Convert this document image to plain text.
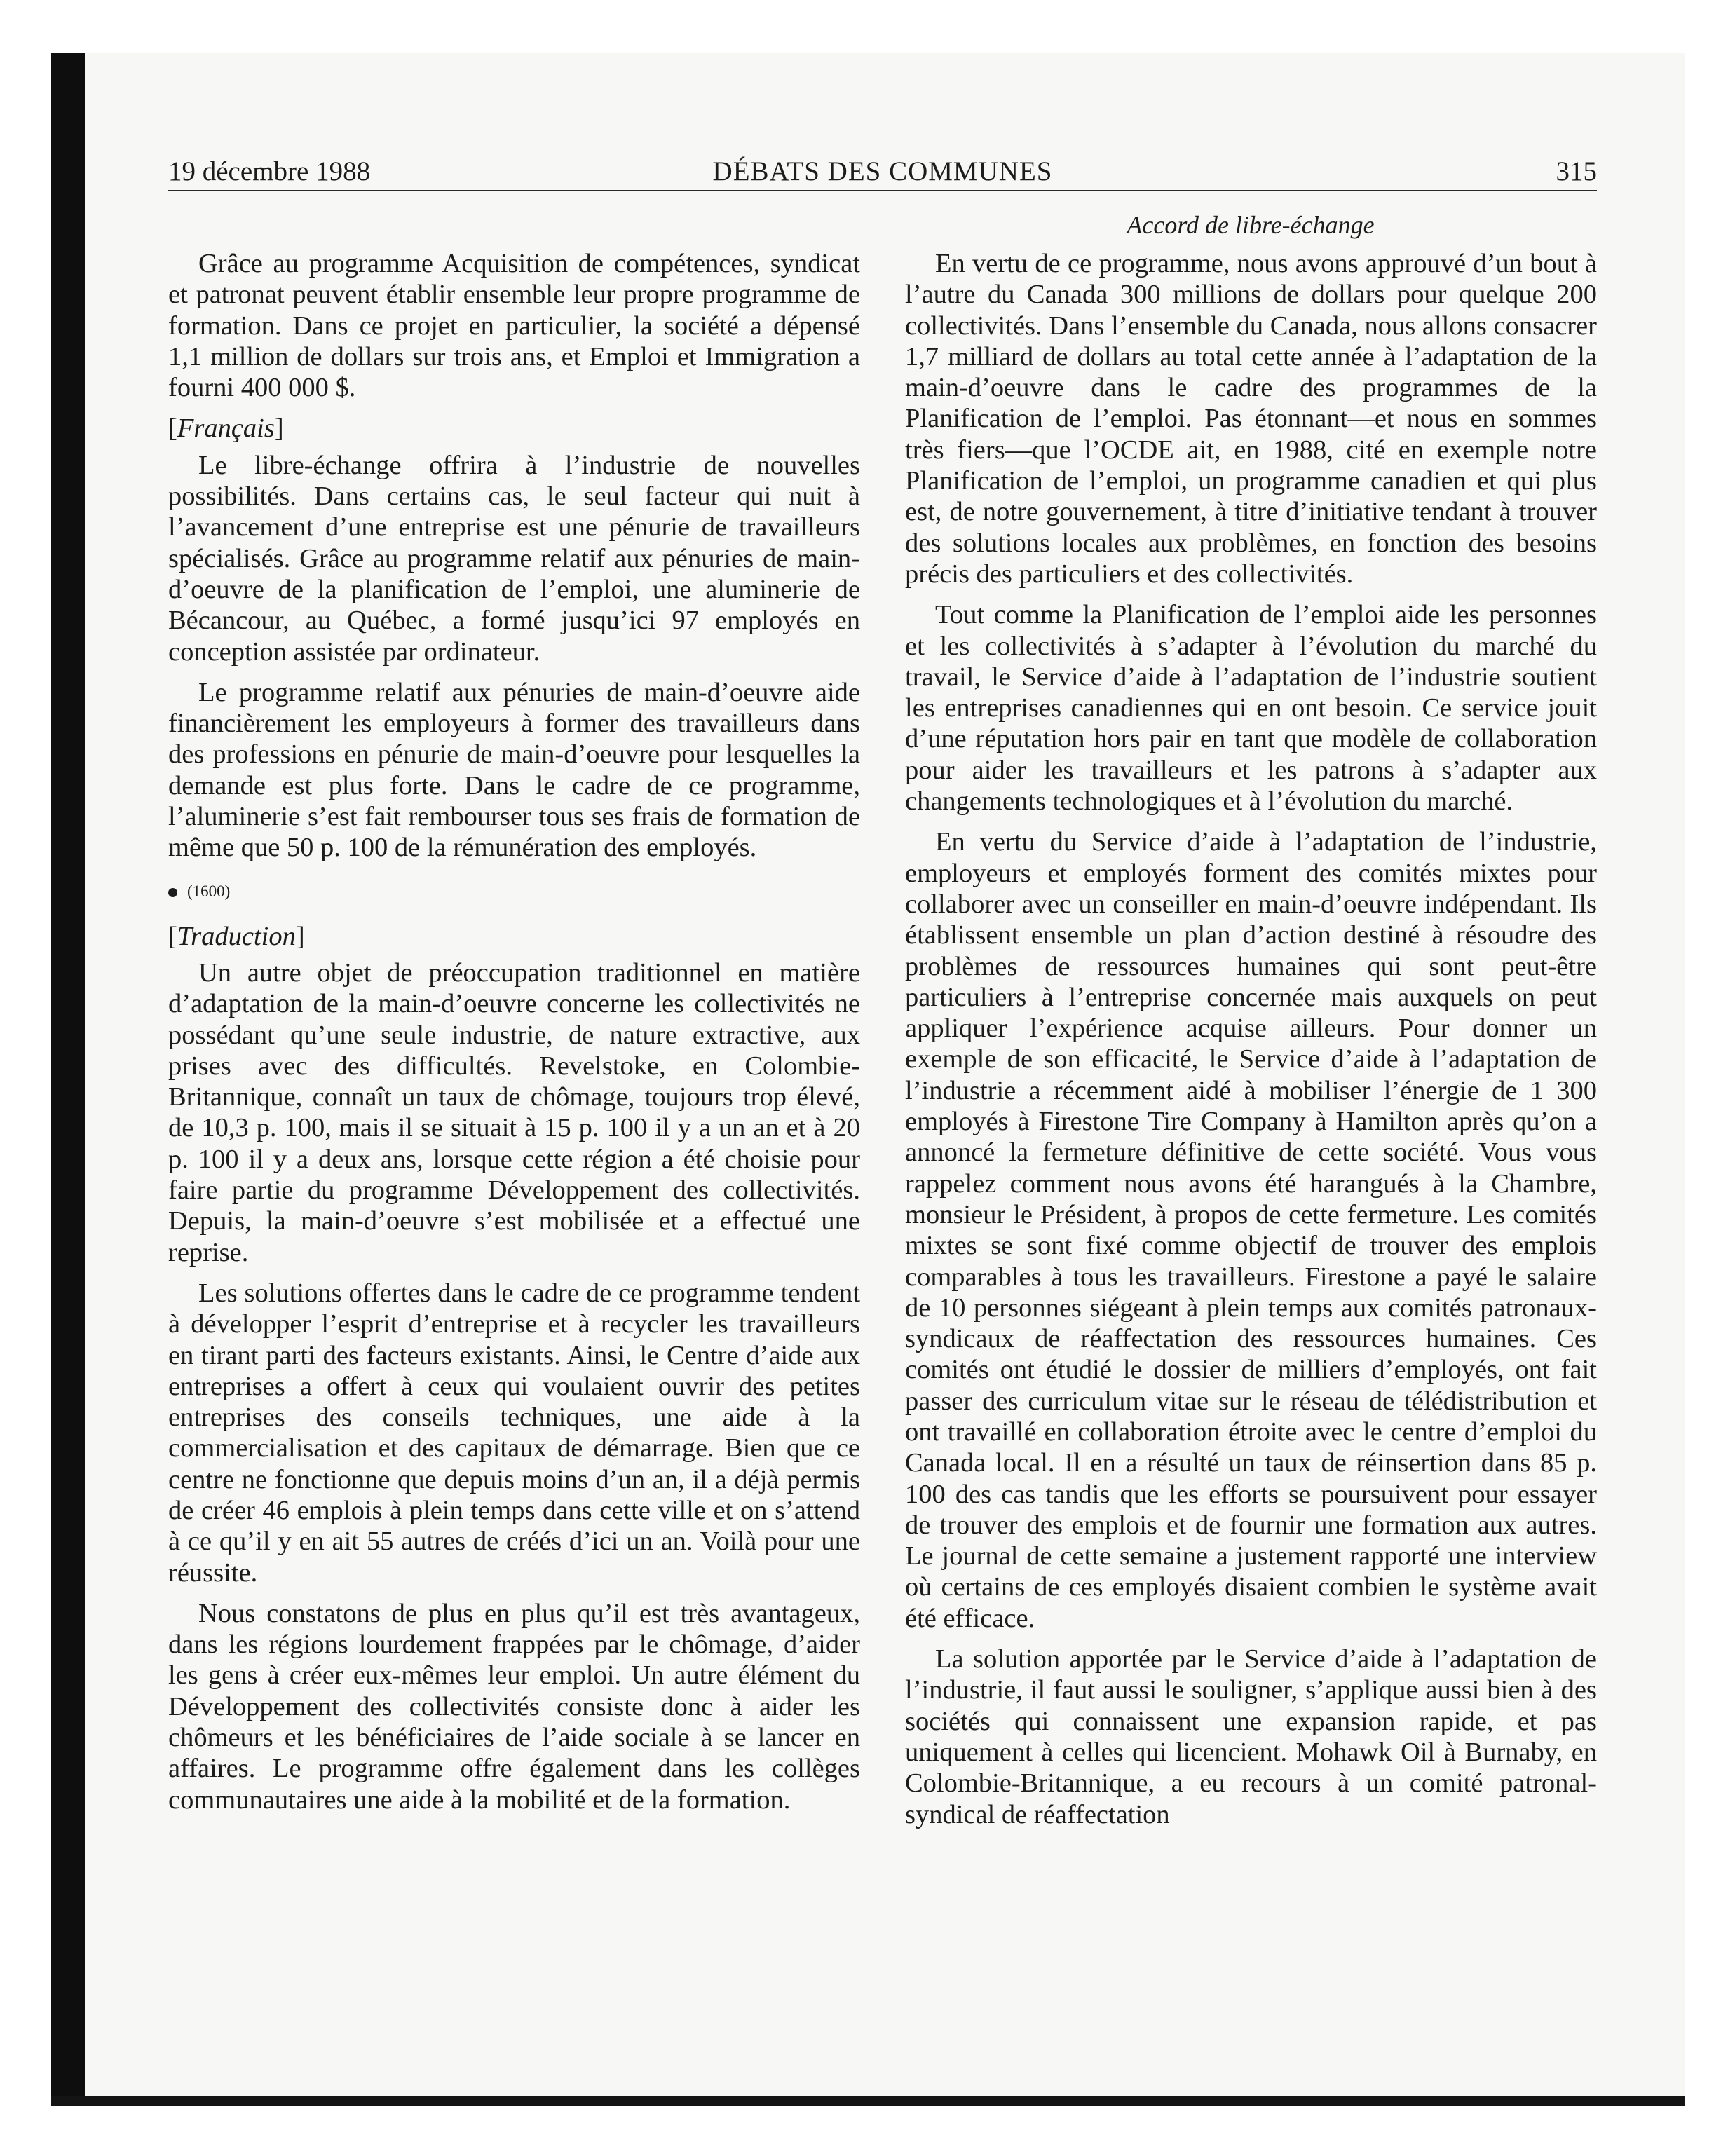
19 décembre 1988	DÉBATS DES COMMUNES	315
Accord de libre-échange

Grâce au programme Acquisition de compétences, syndicat et patronat peuvent établir ensemble leur propre programme de formation. Dans ce projet en particulier, la société a dépensé 1,1 million de dollars sur trois ans, et Emploi et Immigration a fourni 400 000 $.

[Français]

Le libre-échange offrira à l’industrie de nouvelles possibilités. Dans certains cas, le seul facteur qui nuit à l’avancement d’une entreprise est une pénurie de travailleurs spécialisés. Grâce au programme relatif aux pénuries de main-d’oeuvre de la planification de l’emploi, une aluminerie de Bécancour, au Québec, a formé jusqu’ici 97 employés en conception assistée par ordinateur.

Le programme relatif aux pénuries de main-d’oeuvre aide financièrement les employeurs à former des travailleurs dans des professions en pénurie de main-d’oeuvre pour lesquelles la demande est plus forte. Dans le cadre de ce programme, l’aluminerie s’est fait rembourser tous ses frais de formation de même que 50 p. 100 de la rémunération des employés.

(1600)

[Traduction]

Un autre objet de préoccupation traditionnel en matière d’adaptation de la main-d’oeuvre concerne les collectivités ne possédant qu’une seule industrie, de nature extractive, aux prises avec des difficultés. Revelstoke, en Colombie-Britannique, connaît un taux de chômage, toujours trop élevé, de 10,3 p. 100, mais il se situait à 15 p. 100 il y a un an et à 20 p. 100 il y a deux ans, lorsque cette région a été choisie pour faire partie du programme Développement des collectivités. Depuis, la main-d’oeuvre s’est mobilisée et a effectué une reprise.

Les solutions offertes dans le cadre de ce programme tendent à développer l’esprit d’entreprise et à recycler les travailleurs en tirant parti des facteurs existants. Ainsi, le Centre d’aide aux entreprises a offert à ceux qui voulaient ouvrir des petites entreprises des conseils techniques, une aide à la commercialisation et des capitaux de démarrage. Bien que ce centre ne fonctionne que depuis moins d’un an, il a déjà permis de créer 46 emplois à plein temps dans cette ville et on s’attend à ce qu’il y en ait 55 autres de créés d’ici un an. Voilà pour une réussite.

Nous constatons de plus en plus qu’il est très avantageux, dans les régions lourdement frappées par le chômage, d’aider les gens à créer eux-mêmes leur emploi. Un autre élément du Développement des collectivités consiste donc à aider les chômeurs et les bénéficiaires de l’aide sociale à se lancer en affaires. Le programme offre également dans les collèges communautaires une aide à la mobilité et de la formation.

En vertu de ce programme, nous avons approuvé d’un bout à l’autre du Canada 300 millions de dollars pour quelque 200 collectivités. Dans l’ensemble du Canada, nous allons consacrer 1,7 milliard de dollars au total cette année à l’adaptation de la main-d’oeuvre dans le cadre des programmes de la Planification de l’emploi. Pas étonnant—et nous en sommes très fiers—que l’OCDE ait, en 1988, cité en exemple notre Planification de l’emploi, un programme canadien et qui plus est, de notre gouvernement, à titre d’initiative tendant à trouver des solutions locales aux problèmes, en fonction des besoins précis des particuliers et des collectivités.

Tout comme la Planification de l’emploi aide les personnes et les collectivités à s’adapter à l’évolution du marché du travail, le Service d’aide à l’adaptation de l’industrie soutient les entreprises canadiennes qui en ont besoin. Ce service jouit d’une réputation hors pair en tant que modèle de collaboration pour aider les travailleurs et les patrons à s’adapter aux changements technologiques et à l’évolution du marché.

En vertu du Service d’aide à l’adaptation de l’industrie, employeurs et employés forment des comités mixtes pour collaborer avec un conseiller en main-d’oeuvre indépendant. Ils établissent ensemble un plan d’action destiné à résoudre des problèmes de ressources humaines qui sont peut-être particuliers à l’entreprise concernée mais auxquels on peut appliquer l’expérience acquise ailleurs. Pour donner un exemple de son efficacité, le Service d’aide à l’adaptation de l’industrie a récemment aidé à mobiliser l’énergie de 1 300 employés à Firestone Tire Company à Hamilton après qu’on a annoncé la fermeture définitive de cette société. Vous vous rappelez comment nous avons été harangués à la Chambre, monsieur le Président, à propos de cette fermeture. Les comités mixtes se sont fixé comme objectif de trouver des emplois comparables à tous les travailleurs. Firestone a payé le salaire de 10 personnes siégeant à plein temps aux comités patronaux-syndicaux de réaffectation des ressources humaines. Ces comités ont étudié le dossier de milliers d’employés, ont fait passer des curriculum vitae sur le réseau de télédistribution et ont travaillé en collaboration étroite avec le centre d’emploi du Canada local. Il en a résulté un taux de réinsertion dans 85 p. 100 des cas tandis que les efforts se poursuivent pour essayer de trouver des emplois et de fournir une formation aux autres. Le journal de cette semaine a justement rapporté une interview où certains de ces employés disaient combien le système avait été efficace.

La solution apportée par le Service d’aide à l’adaptation de l’industrie, il faut aussi le souligner, s’applique aussi bien à des sociétés qui connaissent une expansion rapide, et pas uniquement à celles qui licencient. Mohawk Oil à Burnaby, en Colombie-Britannique, a eu recours à un comité patronal-syndical de réaffectation
